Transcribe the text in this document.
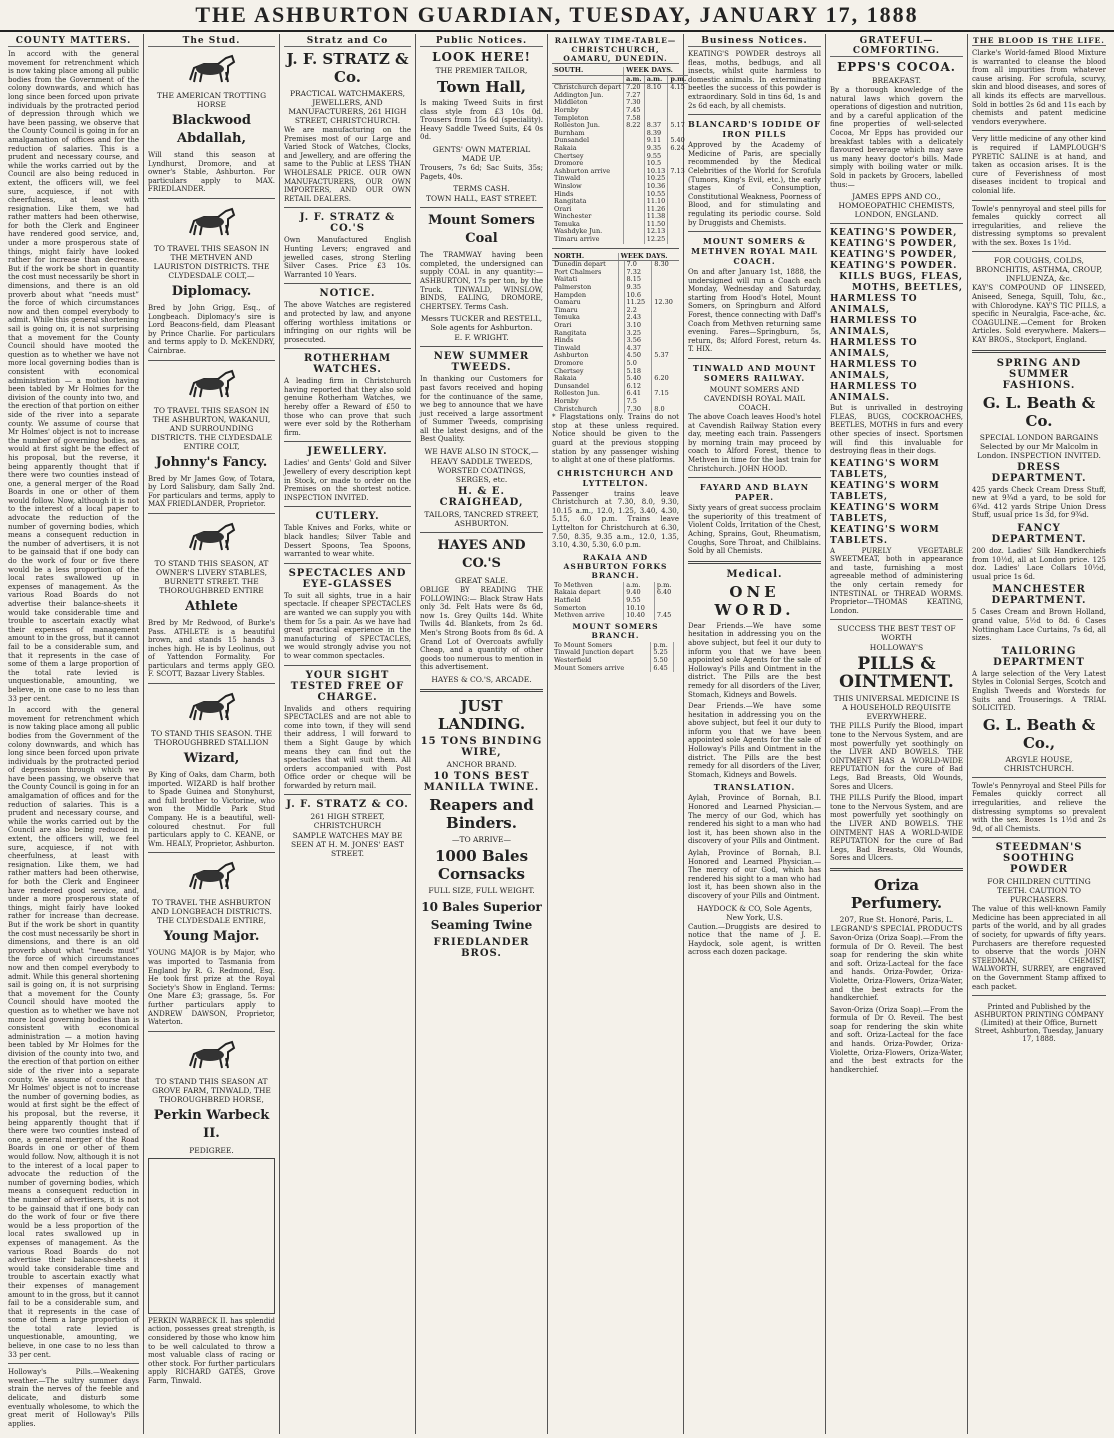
THE ASHBURTON GUARDIAN, TUESDAY, JANUARY 17, 1888
COUNTY MATTERS.

In accord with the general movement for retrenchment which is now taking place among all public bodies from the Government of the colony downwards, and which has long since been forced upon private individuals by the protracted period of depression through which we have been passing, we observe that the County Council is going in for an amalgamation of offices and for the reduction of salaries. This is a prudent and necessary course, and while the works carried out by the Council are also being reduced in extent, the officers will, we feel sure, acquiesce, if not with cheerfulness, at least with resignation. Like them, we had rather matters had been otherwise, for both the Clerk and Engineer have rendered good service, and, under a more prosperous state of things, might fairly have looked rather for increase than decrease. But if the work be short in quantity the cost must necessarily be short in dimensions, and there is an old proverb about what “needs must” the force of which circumstances now and then compel everybody to admit. While this general shortening sail is going on, it is not surprising that a movement for the County Council should have mooted the question as to whether we have not more local governing bodies than is consistent with economical administration — a motion having been tabled by Mr Holmes for the division of the county into two, and the erection of that portion on either side of the river into a separate county. We assume of course that Mr Holmes' object is not to increase the number of governing bodies, as would at first sight be the effect of his proposal, but the reverse, it being apparently thought that if there were two counties instead of one, a general merger of the Road Boards in one or other of them would follow. Now, although it is not to the interest of a local paper to advocate the reduction of the number of governing bodies, which means a consequent reduction in the number of advertisers, it is not to be gainsaid that if one body can do the work of four or five there would be a less proportion of the local rates swallowed up in expenses of management. As the various Road Boards do not advertise their balance-sheets it would take considerable time and trouble to ascertain exactly what their expenses of management amount to in the gross, but it cannot fail to be a considerable sum, and that it represents in the case of some of them a large proportion of the total rate levied is unquestionable, amounting, we believe, in one case to no less than 33 per cent.

In accord with the general movement for retrenchment which is now taking place among all public bodies from the Government of the colony downwards, and which has long since been forced upon private individuals by the protracted period of depression through which we have been passing, we observe that the County Council is going in for an amalgamation of offices and for the reduction of salaries. This is a prudent and necessary course, and while the works carried out by the Council are also being reduced in extent, the officers will, we feel sure, acquiesce, if not with cheerfulness, at least with resignation. Like them, we had rather matters had been otherwise, for both the Clerk and Engineer have rendered good service, and, under a more prosperous state of things, might fairly have looked rather for increase than decrease. But if the work be short in quantity the cost must necessarily be short in dimensions, and there is an old proverb about what “needs must” the force of which circumstances now and then compel everybody to admit. While this general shortening sail is going on, it is not surprising that a movement for the County Council should have mooted the question as to whether we have not more local governing bodies than is consistent with economical administration — a motion having been tabled by Mr Holmes for the division of the county into two, and the erection of that portion on either side of the river into a separate county. We assume of course that Mr Holmes' object is not to increase the number of governing bodies, as would at first sight be the effect of his proposal, but the reverse, it being apparently thought that if there were two counties instead of one, a general merger of the Road Boards in one or other of them would follow. Now, although it is not to the interest of a local paper to advocate the reduction of the number of governing bodies, which means a consequent reduction in the number of advertisers, it is not to be gainsaid that if one body can do the work of four or five there would be a less proportion of the local rates swallowed up in expenses of management. As the various Road Boards do not advertise their balance-sheets it would take considerable time and trouble to ascertain exactly what their expenses of management amount to in the gross, but it cannot fail to be a considerable sum, and that it represents in the case of some of them a large proportion of the total rate levied is unquestionable, amounting, we believe, in one case to no less than 33 per cent.

Holloway's Pills.—Weakening weather.—The sultry summer days strain the nerves of the feeble and delicate, and disturb some eventually wholesome, to which the great merit of Holloway's Pills applies.

The Stud.
THE AMERICAN TROTTING HORSE
Blackwood Abdallah,

Will stand this season at Lyndhurst, Dromore, and at owner's Stable, Ashburton. For particulars apply to MAX. FRIEDLANDER.

TO TRAVEL THIS SEASON IN THE METHVEN AND LAURISTON DISTRICTS. THE CLYDESDALE COLT,—
Diplomacy.

Bred by John Grigg, Esq., of Longbeach. Diplomacy's sire is Lord Beacons-field, dam Pleasant by Prince Charlie. For particulars and terms apply to D. McKENDRY, Cairnbrae.

TO TRAVEL THIS SEASON IN THE ASHBURTON, WAKANUI, AND SURROUNDING DISTRICTS. THE CLYDESDALE ENTIRE COLT,
Johnny's Fancy.

Bred by Mr James Gow, of Totara, by Lord Salisbury, dam Sally 2nd. For particulars and terms, apply to MAX FRIEDLANDER, Proprietor.

TO STAND THIS SEASON, AT OWNER'S LIVERY STABLES, BURNETT STREET. THE THOROUGHBRED ENTIRE
Athlete

Bred by Mr Redwood, of Burke's Pass. ATHLETE is a beautiful brown, and stands 15 hands 3 inches high. He is by Leolinus, out of Yattendon Formality. For particulars and terms apply GEO. F. SCOTT, Bazaar Livery Stables.

TO STAND THIS SEASON. THE THOROUGHBRED STALLION
Wizard,

By King of Oaks, dam Charm, both imported. WIZARD is half brother to Spade Guinea and Stonyhurst, and full brother to Victorine, who won the Middle Park Stud Company. He is a beautiful, well-coloured chestnut. For full particulars apply to C. KEANE, or Wm. HEALY, Proprietor, Ashburton.

TO TRAVEL THE ASHBURTON AND LONGBEACH DISTRICTS. THE CLYDESDALE ENTIRE,
Young Major.

YOUNG MAJOR is by Major, who was imported to Tasmania from England by R. G. Redmond, Esq. He took first prize at the Royal Society's Show in England. Terms: One Mare £3; grassage, 5s. For further particulars apply to ANDREW DAWSON, Proprietor, Waterton.

TO STAND THIS SEASON AT GROVE FARM, TINWALD, THE THOROUGHBRED HORSE,
Perkin Warbeck II.
PEDIGREE.

PERKIN WARBECK II. has splendid action, possesses great strength, is considered by those who know him to be well calculated to throw a most valuable class of racing or other stock. For further particulars apply RICHARD GATES, Grove Farm, Tinwald.

Stratz and Co
J. F. STRATZ & Co.
PRACTICAL WATCHMAKERS, JEWELLERS, AND MANUFACTURERS, 261 HIGH STREET, CHRISTCHURCH.

We are manufacturing on the Premises most of our Large and Varied Stock of Watches, Clocks, and Jewellery, and are offering the same to the Public at LESS THAN WHOLESALE PRICE. OUR OWN MANUFACTURERS, OUR OWN IMPORTERS, AND OUR OWN RETAIL DEALERS.

J. F. STRATZ & CO.'S

Own Manufactured English Hunting Levers; engraved and jewelled cases, strong Sterling Silver Cases. Price £3 10s. Warranted 10 Years.

NOTICE.

The above Watches are registered and protected by law, and anyone offering worthless imitations or infringing on our rights will be prosecuted.

ROTHERHAM WATCHES.

A leading firm in Christchurch having reported that they also sold genuine Rotherham Watches, we hereby offer a Reward of £50 to those who can prove that such were ever sold by the Rotherham firm.

JEWELLERY.

Ladies' and Gents' Gold and Silver Jewellery of every description kept in Stock, or made to order on the Premises on the shortest notice. INSPECTION INVITED.

CUTLERY.

Table Knives and Forks, white or black handles; Silver Table and Dessert Spoons, Tea Spoons, warranted to wear white.

SPECTACLES AND EYE-GLASSES

To suit all sights, true in a hair spectacle. If cheaper SPECTACLES are wanted we can supply you with them for 5s a pair. As we have had great practical experience in the manufacturing of SPECTACLES, we would strongly advise you not to wear common spectacles.

YOUR SIGHT TESTED FREE OF CHARGE.

Invalids and others requiring SPECTACLES and are not able to come into town, if they will send their address, I will forward to them a Sight Gauge by which means they can find out the spectacles that will suit them. All orders accompanied with Post Office order or cheque will be forwarded by return mail.

J. F. STRATZ & CO.
261 HIGH STREET, CHRISTCHURCH
SAMPLE WATCHES MAY BE SEEN AT H. M. JONES' EAST STREET.
Public Notices.
LOOK HERE!
THE PREMIER TAILOR,
Town Hall,

Is making Tweed Suits in first class style from £3 10s 0d. Trousers from 15s 6d (speciality). Heavy Saddle Tweed Suits, £4 0s 0d.

GENTS' OWN MATERIAL MADE UP.

Trousers, 7s 6d; Sac Suits, 35s; Pagets, 40s.

TERMS CASH.
TOWN HALL, EAST STREET.
Mount Somers Coal

The TRAMWAY having been completed, the undersigned can supply COAL in any quantity:— ASHBURTON, 17s per ton, by the Truck. TINWALD, WINSLOW, BINDS, EALING, DROMORE, CHERTSEY. Terms Cash.

Messrs TUCKER and RESTELL, Sole agents for Ashburton.
E. F. WRIGHT.
NEW SUMMER TWEEDS.

In thanking our Customers for past favors received and hoping for the continuance of the same, we beg to announce that we have just received a large assortment of Summer Tweeds, comprising all the latest designs, and of the Best Quality.

WE HAVE ALSO IN STOCK,—
HEAVY SADDLE TWEEDS, WORSTED COATINGS, SERGES, etc.
H. & E. CRAIGHEAD,
TAILORS, TANCRED STREET, ASHBURTON.
HAYES AND CO.'S
GREAT SALE.

OBLIGE BY READING THE FOLLOWING:— Black Straw Hats only 3d. Felt Hats were 8s 6d, now 1s. Grey Quilts 14d. White Twills 4d. Blankets, from 2s 6d. Men's Strong Boots from 8s 6d. A Grand Lot of Overcoats awfully Cheap, and a quantity of other goods too numerous to mention in this advertisement.

HAYES & CO.'S, ARCADE.
JUST LANDING.
15 TONS BINDING WIRE,
ANCHOR BRAND.
10 TONS BEST MANILLA TWINE.
Reapers and Binders.
—TO ARRIVE—
1000 Bales Cornsacks
FULL SIZE, FULL WEIGHT.
10 Bales Superior Seaming Twine
FRIEDLANDER BROS.
RAILWAY TIME-TABLE—CHRISTCHURCH, OAMARU, DUNEDIN.
SOUTH.	WEEK DAYS.		
	a.m.	a.m.	p.m.
Christchurch depart	7.20	8.10	4.15
Addington Jun.	7.27		
Middleton	7.30		
Hornby	7.45		
Templeton	7.58		
Rolleston Jun.	8.22	8.37	5.17
Burnham		8.39	
Dunsandel		9.11	5.40
Rakaia		9.35	6.24
Chertsey		9.55	
Dromore		10.5	
Ashburton arrive		10.13	7.13
Tinwald		10.25	
Winslow		10.36	
Hinds		10.55	
Rangitata		11.10	
Orari		11.26	
Winchester		11.38	
Temuka		11.50	
Washdyke Jun.		12.13	
Timaru arrive		12.25	
NORTH.	WEEK DAYS.		
Dunedin depart		7.0	8.30
Port Chalmers		7.32	
Waitati		8.15	
Palmerston		9.35	
Hampden		10.6	
Oamaru		11.25	12.30
Timaru		2.2	
Temuka		2.43	
Orari		3.10	
Rangitata		3.25	
Hinds		3.56	
Tinwald		4.37	
Ashburton		4.50	5.37
Dromore		5.0	
Chertsey		5.18	
Rakaia		5.40	6.20
Dunsandel		6.12	
Rolleston Jun.		6.41	7.15
Hornby		7.5	
Christchurch		7.30	8.0

* Flagstations only. Trains do not stop at these unless required. Notice should be given to the guard at the previous stopping station by any passenger wishing to alight at one of these platforms.

CHRISTCHURCH AND LYTTELTON.

Passenger trains leave Christchurch at 7.30, 8.0, 9.30, 10.15 a.m., 12.0, 1.25, 3.40, 4.30, 5.15, 6.0 p.m. Trains leave Lyttelton for Christchurch at 6.30, 7.50, 8.35, 9.35 a.m., 12.0, 1.35, 3.10, 4.30, 5.30, 6.0 p.m.

RAKAIA AND ASHBURTON FORKS BRANCH.
To Methven	a.m.	p.m.
Rakaia depart	9.40	6.40
Hatfield	9.55	
Somerton	10.10	
Methven arrive	10.40	7.45
MOUNT SOMERS BRANCH.
To Mount Somers	p.m.	
Tinwald Junction depart	5.25	
Westerfield	5.50	
Mount Somers arrive	6.45	
Business Notices.

KEATING'S POWDER destroys all fleas, moths, bedbugs, and all insects, whilst quite harmless to domestic animals. In exterminating beetles the success of this powder is extraordinary. Sold in tins 6d, 1s and 2s 6d each, by all chemists.

BLANCARD'S IODIDE OF IRON PILLS

Approved by the Academy of Medicine of Paris, are specially recommended by the Medical Celebrities of the World for Scrofula (Tumors, King's Evil, etc.), the early stages of Consumption, Constitutional Weakness, Poorness of Blood, and for stimulating and regulating its periodic course. Sold by Druggists and Chemists.

MOUNT SOMERS & METHVEN ROYAL MAIL COACH.

On and after January 1st, 1888, the undersigned will run a Coach each Monday, Wednesday and Saturday, starting from Hood's Hotel, Mount Somers, on Springburn and Alford Forest, thence connecting with Daff's Coach from Methven returning same evening. Fares—Springburn, 5s, return, 8s; Alford Forest, return 4s. T. HIX.

TINWALD AND MOUNT SOMERS RAILWAY.
MOUNT SOMERS AND CAVENDISH ROYAL MAIL COACH.

The above Coach leaves Hood's hotel at Cavendish Railway Station every day, meeting each train. Passengers by morning train may proceed by coach to Alford Forest, thence to Methven in time for the last train for Christchurch. JOHN HOOD.

FAYARD AND BLAYN PAPER.

Sixty years of great success proclaim the superiority of this treatment of Violent Colds, Irritation of the Chest, Aching, Sprains, Gout, Rheumatism, Coughs, Sore Throat, and Chilblains. Sold by all Chemists.

Medical.
ONE WORD.

Dear Friends.—We have some hesitation in addressing you on the above subject, but feel it our duty to inform you that we have been appointed sole Agents for the sale of Holloway's Pills and Ointment in the district. The Pills are the best remedy for all disorders of the Liver, Stomach, Kidneys and Bowels.

Dear Friends.—We have some hesitation in addressing you on the above subject, but feel it our duty to inform you that we have been appointed sole Agents for the sale of Holloway's Pills and Ointment in the district. The Pills are the best remedy for all disorders of the Liver, Stomach, Kidneys and Bowels.

TRANSLATION.

Aylah, Province of Bornah, B.I. Honored and Learned Physician.—The mercy of our God, which has rendered his sight to a man who had lost it, has been shown also in the discovery of your Pills and Ointment.

Aylah, Province of Bornah, B.I. Honored and Learned Physician.—The mercy of our God, which has rendered his sight to a man who had lost it, has been shown also in the discovery of your Pills and Ointment.

HAYDOCK & CO, Sole Agents, New York, U.S.

Caution.—Druggists are desired to notice that the name of J. E. Haydock, sole agent, is written across each dozen package.

GRATEFUL—COMFORTING.
EPPS'S COCOA.
BREAKFAST.

By a thorough knowledge of the natural laws which govern the operations of digestion and nutrition, and by a careful application of the fine properties of well-selected Cocoa, Mr Epps has provided our breakfast tables with a delicately flavoured beverage which may save us many heavy doctor's bills. Made simply with boiling water or milk. Sold in packets by Grocers, labelled thus:—

JAMES EPPS AND CO., HOMOEOPATHIC CHEMISTS, LONDON, ENGLAND.
KEATING'S POWDER,
KEATING'S POWDER,
KEATING'S POWDER,
KEATING'S POWDER.
KILLS BUGS, FLEAS, MOTHS, BEETLES,
HARMLESS TO ANIMALS,
HARMLESS TO ANIMALS,
HARMLESS TO ANIMALS,
HARMLESS TO ANIMALS,
HARMLESS TO ANIMALS.

But is unrivalled in destroying FLEAS, BUGS, COCKROACHES, BEETLES, MOTHS in furs and every other species of insect. Sportsmen will find this invaluable for destroying fleas in their dogs.

KEATING'S WORM TABLETS,
KEATING'S WORM TABLETS,
KEATING'S WORM TABLETS,
KEATING'S WORM TABLETS.

A PURELY VEGETABLE SWEETMEAT, both in appearance and taste, furnishing a most agreeable method of administering the only certain remedy for INTESTINAL or THREAD WORMS. Proprietor—THOMAS KEATING, London.

SUCCESS THE BEST TEST OF WORTH
HOLLOWAY'S
PILLS & OINTMENT.
THIS UNIVERSAL MEDICINE IS A HOUSEHOLD REQUISITE EVERYWHERE.

THE PILLS Purify the Blood, impart tone to the Nervous System, and are most powerfully yet soothingly on the LIVER AND BOWELS. THE OINTMENT HAS A WORLD-WIDE REPUTATION for the cure of Bad Legs, Bad Breasts, Old Wounds, Sores and Ulcers.

THE PILLS Purify the Blood, impart tone to the Nervous System, and are most powerfully yet soothingly on the LIVER AND BOWELS. THE OINTMENT HAS A WORLD-WIDE REPUTATION for the cure of Bad Legs, Bad Breasts, Old Wounds, Sores and Ulcers.

Oriza Perfumery.
207, Rue St. Honoré, Paris, L. LEGRAND'S SPECIAL PRODUCTS

Savon-Oriza (Oriza Soap).—From the formula of Dr O. Reveil. The best soap for rendering the skin white and soft. Oriza-Lacteal for the face and hands. Oriza-Powder, Oriza-Violette, Oriza-Flowers, Oriza-Water, and the best extracts for the handkerchief.

Savon-Oriza (Oriza Soap).—From the formula of Dr O. Reveil. The best soap for rendering the skin white and soft. Oriza-Lacteal for the face and hands. Oriza-Powder, Oriza-Violette, Oriza-Flowers, Oriza-Water, and the best extracts for the handkerchief.

THE BLOOD IS THE LIFE.

Clarke's World-famed Blood Mixture is warranted to cleanse the blood from all impurities from whatever cause arising. For scrofula, scurvy, skin and blood diseases, and sores of all kinds its effects are marvellous. Sold in bottles 2s 6d and 11s each by chemists and patent medicine vendors everywhere.

Very little medicine of any other kind is required if LAMPLOUGH'S PYRETIC SALINE is at hand, and taken as occasion arises. It is the cure of Feverishness of most diseases incident to tropical and colonial life.

Towle's pennyroyal and steel pills for females quickly correct all irregularities, and relieve the distressing symptoms so prevalent with the sex. Boxes 1s 1½d.

FOR COUGHS, COLDS, BRONCHITIS, ASTHMA, CROUP, INFLUENZA, &c.

KAY'S COMPOUND OF LINSEED, Aniseed, Senega, Squill, Tolu, &c., with Chlorodyne. KAY'S TIC PILLS, a specific in Neuralgia, Face-ache, &c. COAGULINE.—Cement for Broken Articles. Sold everywhere. Makers—KAY BROS., Stockport, England.

SPRING AND SUMMER FASHIONS.
G. L. Beath & Co.
SPECIAL LONDON BARGAINS Selected by our Mr Malcolm in London. INSPECTION INVITED.
DRESS DEPARTMENT.

425 yards Check Cream Dress Stuff, new at 9¾d a yard, to be sold for 6¾d. 412 yards Stripe Union Dress Stuff, usual price 1s 3d, for 9¾d.

FANCY DEPARTMENT.

200 doz. Ladies' Silk Handkerchiefs from 10½d, all at London price. 125 doz. Ladies' Lace Collars 10½d, usual price 1s 6d.

MANCHESTER DEPARTMENT.

5 Cases Cream and Brown Holland, grand value, 5½d to 8d. 6 Cases Nottingham Lace Curtains, 7s 6d, all sizes.

TAILORING DEPARTMENT

A large selection of the Very Latest Styles in Colonial Serges, Scotch and English Tweeds and Worsteds for Suits and Trouserings. A TRIAL SOLICITED.

G. L. Beath & Co.,
ARGYLE HOUSE, CHRISTCHURCH.

Towle's Pennyroyal and Steel Pills for Females quickly correct all irregularities, and relieve the distressing symptoms so prevalent with the sex. Boxes 1s 1½d and 2s 9d, of all Chemists.

STEEDMAN'S SOOTHING POWDER
FOR CHILDREN CUTTING TEETH. CAUTION TO PURCHASERS.

The value of this well-known Family Medicine has been appreciated in all parts of the world, and by all grades of society, for upwards of fifty years. Purchasers are therefore requested to observe that the words JOHN STEEDMAN, CHEMIST, WALWORTH, SURREY, are engraved on the Government Stamp affixed to each packet.

Printed and Published by the ASHBURTON PRINTING COMPANY (Limited) at their Office, Burnett Street, Ashburton, Tuesday, January 17, 1888.
